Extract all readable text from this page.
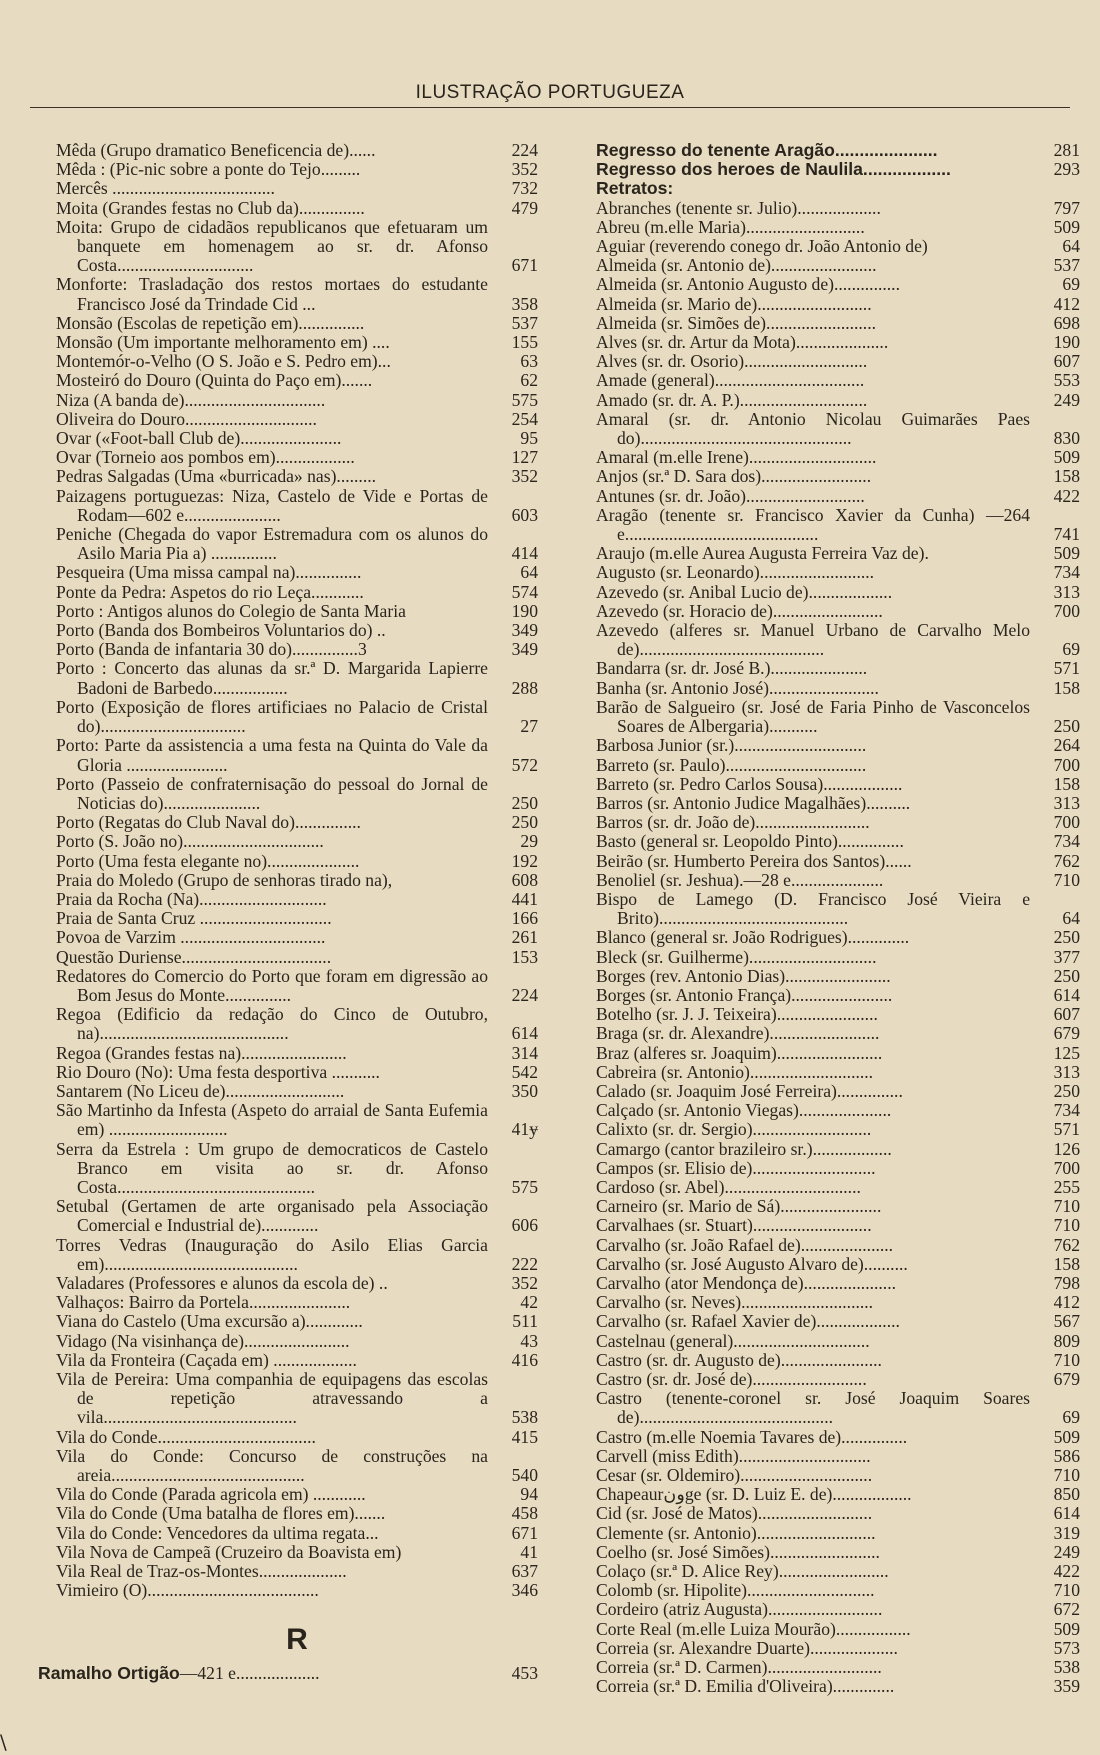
ILUSTRAÇÃO PORTUGUEZA
Mêda (Grupo dramatico Beneficencia de)......	224
Mêda : (Pic-nic sobre a ponte do Tejo.........	352
Mercês .....................................	732
Moita (Grandes festas no Club da)...............	479
Moita: Grupo de cidadãos republicanos que efetuaram um banquete em homenagem ao sr. dr. Afonso Costa...............................	671
Monforte: Trasladação dos restos mortaes do estudante Francisco José da Trindade Cid ...	358
Monsão (Escolas de repetição em)...............	537
Monsão (Um importante melhoramento em) ....	155
Montemór-o-Velho (O S. João e S. Pedro em)...	63
Mosteiró do Douro (Quinta do Paço em).......	62
Niza (A banda de)................................	575
Oliveira do Douro..............................	254
Ovar («Foot-ball Club de).......................	95
Ovar (Torneio aos pombos em)..................	127
Pedras Salgadas (Uma «burricada» nas).........	352
Paizagens portuguezas: Niza, Castelo de Vide e Portas de Rodam—602 e......................	603
Peniche (Chegada do vapor Estremadura com os alunos do Asilo Maria Pia a) ...............	414
Pesqueira (Uma missa campal na)...............	64
Ponte da Pedra: Aspetos do rio Leça............	574
Porto : Antigos alunos do Colegio de Santa Maria	190
Porto (Banda dos Bombeiros Voluntarios do) ..	349
Porto (Banda de infantaria 30 do)...............3	349
Porto : Concerto das alunas da sr.ª D. Margarida Lapierre Badoni de Barbedo.................	288
Porto (Exposição de flores artificiaes no Palacio de Cristal do).................................	27
Porto: Parte da assistencia a uma festa na Quinta do Vale da Gloria .......................	572
Porto (Passeio de confraternisação do pessoal do Jornal de Noticias do)......................	250
Porto (Regatas do Club Naval do)...............	250
Porto (S. João no)................................	29
Porto (Uma festa elegante no).....................	192
Praia do Moledo (Grupo de senhoras tirado na),	608
Praia da Rocha (Na).............................	441
Praia de Santa Cruz ..............................	166
Povoa de Varzim .................................	261
Questão Duriense..................................	153
Redatores do Comercio do Porto que foram em digressão ao Bom Jesus do Monte...............	224
Regoa (Edificio da redação do Cinco de Outubro, na)...........................................	614
Regoa (Grandes festas na)........................	314
Rio Douro (No): Uma festa desportiva ...........	542
Santarem (No Liceu de)...........................	350
São Martinho da Infesta (Aspeto do arraial de Santa Eufemia em) ...........................	41ɏ
Serra da Estrela : Um grupo de democraticos de Castelo Branco em visita ao sr. dr. Afonso Costa.............................................	575
Setubal (Gertamen de arte organisado pela Associação Comercial e Industrial de).............	606
Torres Vedras (Inauguração do Asilo Elias Garcia em)............................................	222
Valadares (Professores e alunos da escola de) ..	352
Valhaços: Bairro da Portela.......................	42
Viana do Castelo (Uma excursão a).............	511
Vidago (Na visinhança de)........................	43
Vila da Fronteira (Caçada em) ...................	416
Vila de Pereira: Uma companhia de equipagens das escolas de repetição atravessando a vila............................................	538
Vila do Conde....................................	415
Vila do Conde: Concurso de construções na areia............................................	540
Vila do Conde (Parada agricola em) ............	94
Vila do Conde (Uma batalha de flores em).......	458
Vila do Conde: Vencedores da ultima regata...	671
Vila Nova de Campeã (Cruzeiro da Boavista em)	41
Vila Real de Traz-os-Montes....................	637
Vimieiro (O).......................................	346
R
Ramalho Ortigão—421 e...................	453
Regresso do tenente Aragão.....................	281
Regresso dos heroes de Naulila..................	293
Retratos:
Abranches (tenente sr. Julio)...................	797
Abreu (m.elle Maria)...........................	509
Aguiar (reverendo conego dr. João Antonio de)	64
Almeida (sr. Antonio de)........................	537
Almeida (sr. Antonio Augusto de)...............	69
Almeida (sr. Mario de)..........................	412
Almeida (sr. Simões de).........................	698
Alves (sr. dr. Artur da Mota).....................	190
Alves (sr. dr. Osorio)............................	607
Amade (general)..................................	553
Amado (sr. dr. A. P.).............................	249
Amaral (sr. dr. Antonio Nicolau Guimarães Paes do)................................................	830
Amaral (m.elle Irene).............................	509
Anjos (sr.ª D. Sara dos).........................	158
Antunes (sr. dr. João)...........................	422
Aragão (tenente sr. Francisco Xavier da Cunha) —264 e............................................	741
Araujo (m.elle Aurea Augusta Ferreira Vaz de).	509
Augusto (sr. Leonardo)..........................	734
Azevedo (sr. Anibal Lucio de)...................	313
Azevedo (sr. Horacio de).........................	700
Azevedo (alferes sr. Manuel Urbano de Carvalho Melo de)..........................................	69
Bandarra (sr. dr. José B.)......................	571
Banha (sr. Antonio José).........................	158
Barão de Salgueiro (sr. José de Faria Pinho de Vasconcelos Soares de Albergaria)...........	250
Barbosa Junior (sr.)..............................	264
Barreto (sr. Paulo)................................	700
Barreto (sr. Pedro Carlos Sousa)..................	158
Barros (sr. Antonio Judice Magalhães)..........	313
Barros (sr. dr. João de)..........................	700
Basto (general sr. Leopoldo Pinto)...............	734
Beirão (sr. Humberto Pereira dos Santos)......	762
Benoliel (sr. Jeshua).—28 e.....................	710
Bispo de Lamego (D. Francisco José Vieira e Brito)...........................................	64
Blanco (general sr. João Rodrigues)..............	250
Bleck (sr. Guilherme).............................	377
Borges (rev. Antonio Dias)........................	250
Borges (sr. Antonio França).......................	614
Botelho (sr. J. J. Teixeira).......................	607
Braga (sr. dr. Alexandre).........................	679
Braz (alferes sr. Joaquim)........................	125
Cabreira (sr. Antonio)............................	313
Calado (sr. Joaquim José Ferreira)...............	250
Calçado (sr. Antonio Viegas).....................	734
Calixto (sr. dr. Sergio)...........................	571
Camargo (cantor brazileiro sr.)..................	126
Campos (sr. Elisio de)............................	700
Cardoso (sr. Abel)...............................	255
Carneiro (sr. Mario de Sá).......................	710
Carvalhaes (sr. Stuart)...........................	710
Carvalho (sr. João Rafael de).....................	762
Carvalho (sr. José Augusto Alvaro de)..........	158
Carvalho (ator Mendonça de).....................	798
Carvalho (sr. Neves)..............................	412
Carvalho (sr. Rafael Xavier de)...................	567
Castelnau (general)...............................	809
Castro (sr. dr. Augusto de).......................	710
Castro (sr. dr. José de)..........................	679
Castro (tenente-coronel sr. José Joaquim Soares de)............................................	69
Castro (m.elle Noemia Tavares de)...............	509
Carvell (miss Edith)..............................	586
Cesar (sr. Oldemiro)..............................	710
Chapeaurونge (sr. D. Luiz E. de)..................	850
Cid (sr. José de Matos)..........................	614
Clemente (sr. Antonio)...........................	319
Coelho (sr. José Simões).........................	249
Colaço (sr.ª D. Alice Rey).........................	422
Colomb (sr. Hipolite).............................	710
Cordeiro (atriz Augusta)..........................	672
Corte Real (m.elle Luiza Mourão).................	509
Correia (sr. Alexandre Duarte)....................	573
Correia (sr.ª D. Carmen)..........................	538
Correia (sr.ª D. Emilia d'Oliveira)..............	359
\
